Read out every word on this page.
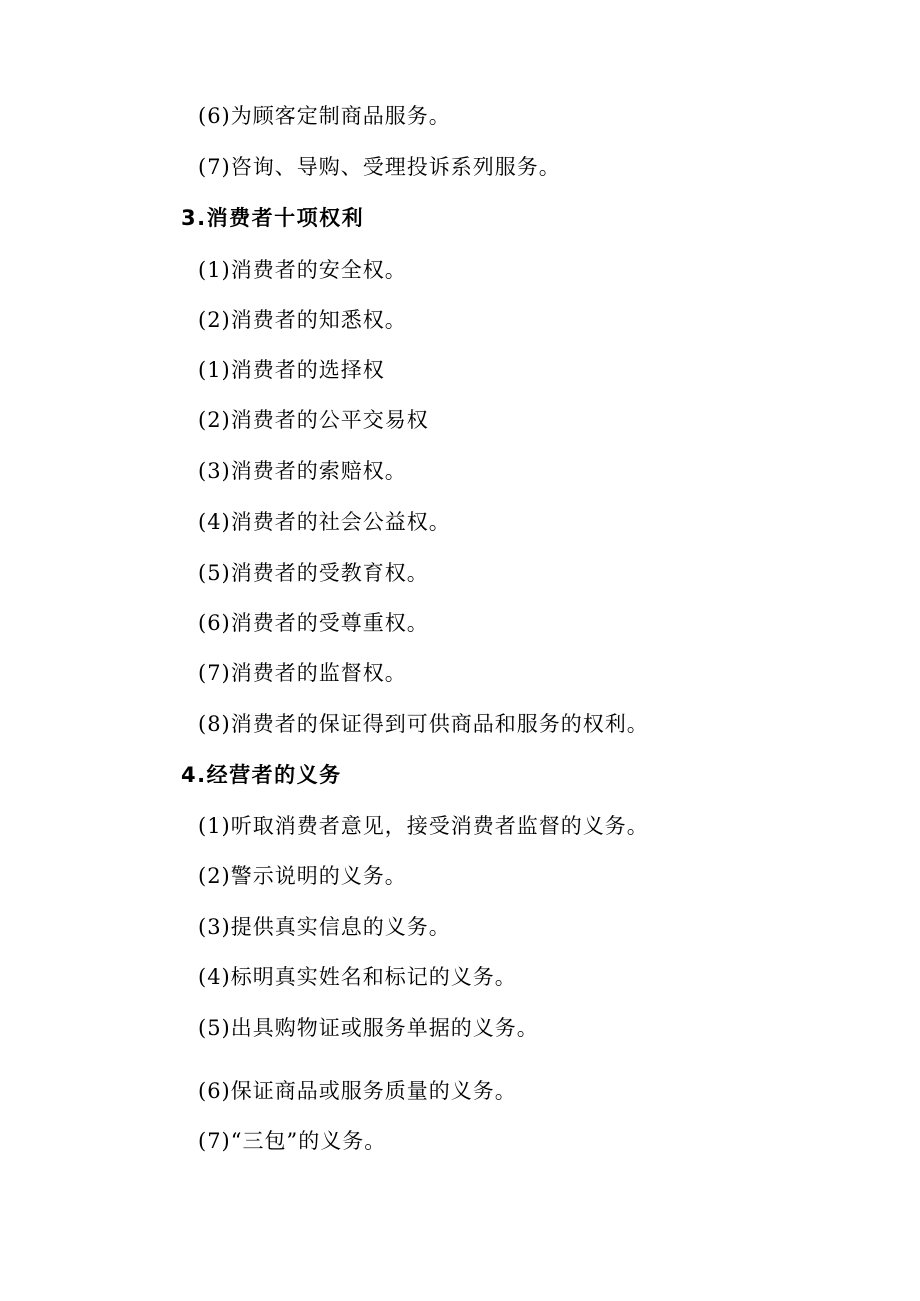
(6)为顾客定制商品服务。
(7)咨询、导购、受理投诉系列服务。
3.消费者十项权利
(1)消费者的安全权。
(2)消费者的知悉权。
(1)消费者的选择权
(2)消费者的公平交易权
(3)消费者的索赔权。
(4)消费者的社会公益权。
(5)消费者的受教育权。
(6)消费者的受尊重权。
(7)消费者的监督权。
(8)消费者的保证得到可供商品和服务的权利。
4.经营者的义务
(1)听取消费者意见，接受消费者监督的义务。
(2)警示说明的义务。
(3)提供真实信息的义务。
(4)标明真实姓名和标记的义务。
(5)出具购物证或服务单据的义务。
(6)保证商品或服务质量的义务。
(7)“三包”的义务。
